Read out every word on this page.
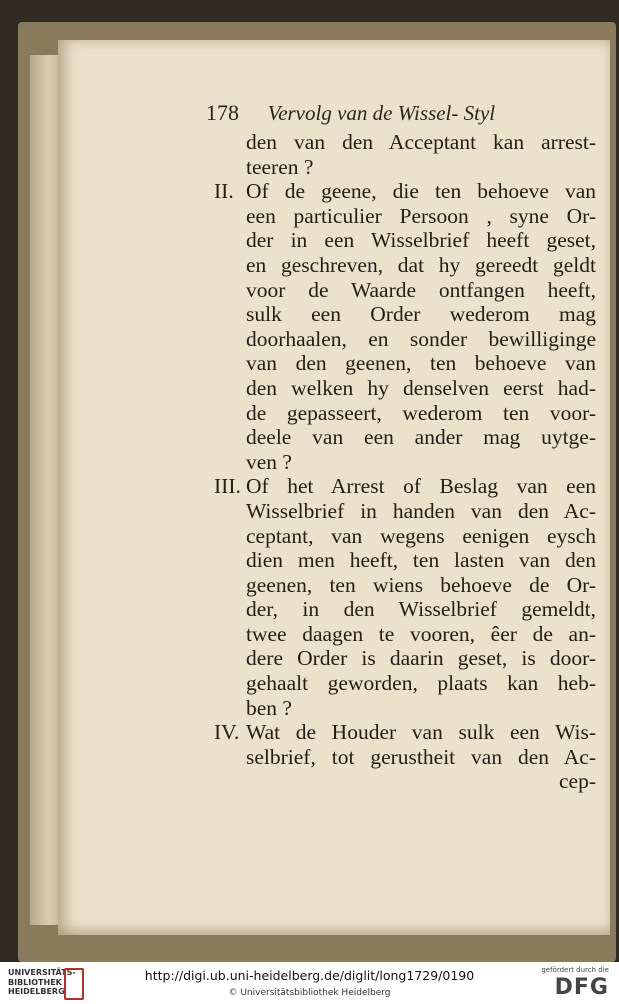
178 Vervolg van de Wissel- Styl
den van den Acceptant kan arrest-
teeren ?
II. Of de geene, die ten behoeve van
een particulier Persoon , syne Or-
der in een Wisselbrief heeft geset,
en geschreven, dat hy gereedt geldt
voor de Waarde ontfangen heeft,
sulk een Order wederom mag
doorhaalen, en sonder bewilliginge
van den geenen, ten behoeve van
den welken hy denselven eerst had-
de gepasseert, wederom ten voor-
deele van een ander mag uytge-
ven ?
III. Of het Arrest of Beslag van een
Wisselbrief in handen van den Ac-
ceptant, van wegens eenigen eysch
dien men heeft, ten lasten van den
geenen, ten wiens behoeve de Or-
der, in den Wisselbrief gemeldt,
twee daagen te vooren, êer de an-
dere Order is daarin geset, is door-
gehaalt geworden, plaats kan heb-
ben ?
IV. Wat de Houder van sulk een Wis-
selbrief, tot gerustheit van den Ac-
cep-
UNIVERSITÄTS-
BIBLIOTHEK
HEIDELBERG
http://digi.ub.uni-heidelberg.de/diglit/long1729/0190
© Universitätsbibliothek Heidelberg
gefördert durch die
DFG
